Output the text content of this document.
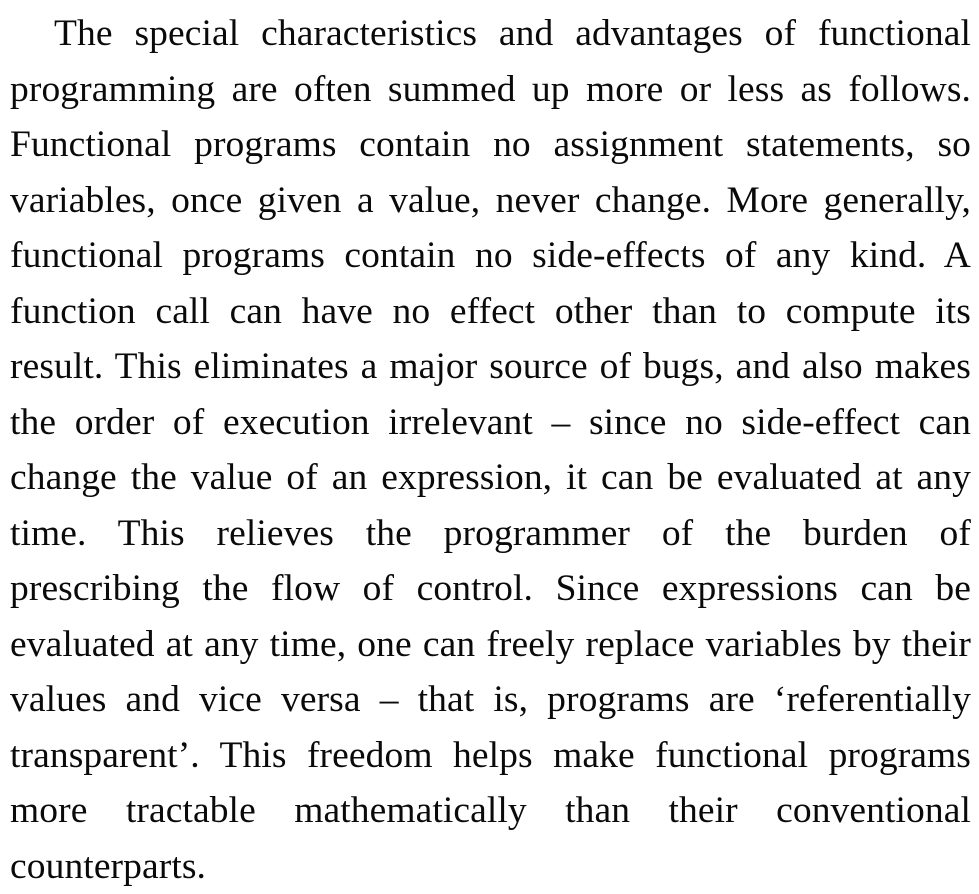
The special characteristics and advantages of functional programming are often summed up more or less as follows. Functional programs contain no assignment statements, so variables, once given a value, never change. More generally, functional programs contain no side-effects of any kind. A function call can have no effect other than to compute its result. This eliminates a major source of bugs, and also makes the order of execution irrelevant – since no side-effect can change the value of an expression, it can be evaluated at any time. This relieves the programmer of the burden of prescribing the flow of control. Since expressions can be evaluated at any time, one can freely replace variables by their values and vice versa – that is, programs are ‘referentially transparent’. This freedom helps make functional programs more tractable mathematically than their conventional counterparts.
